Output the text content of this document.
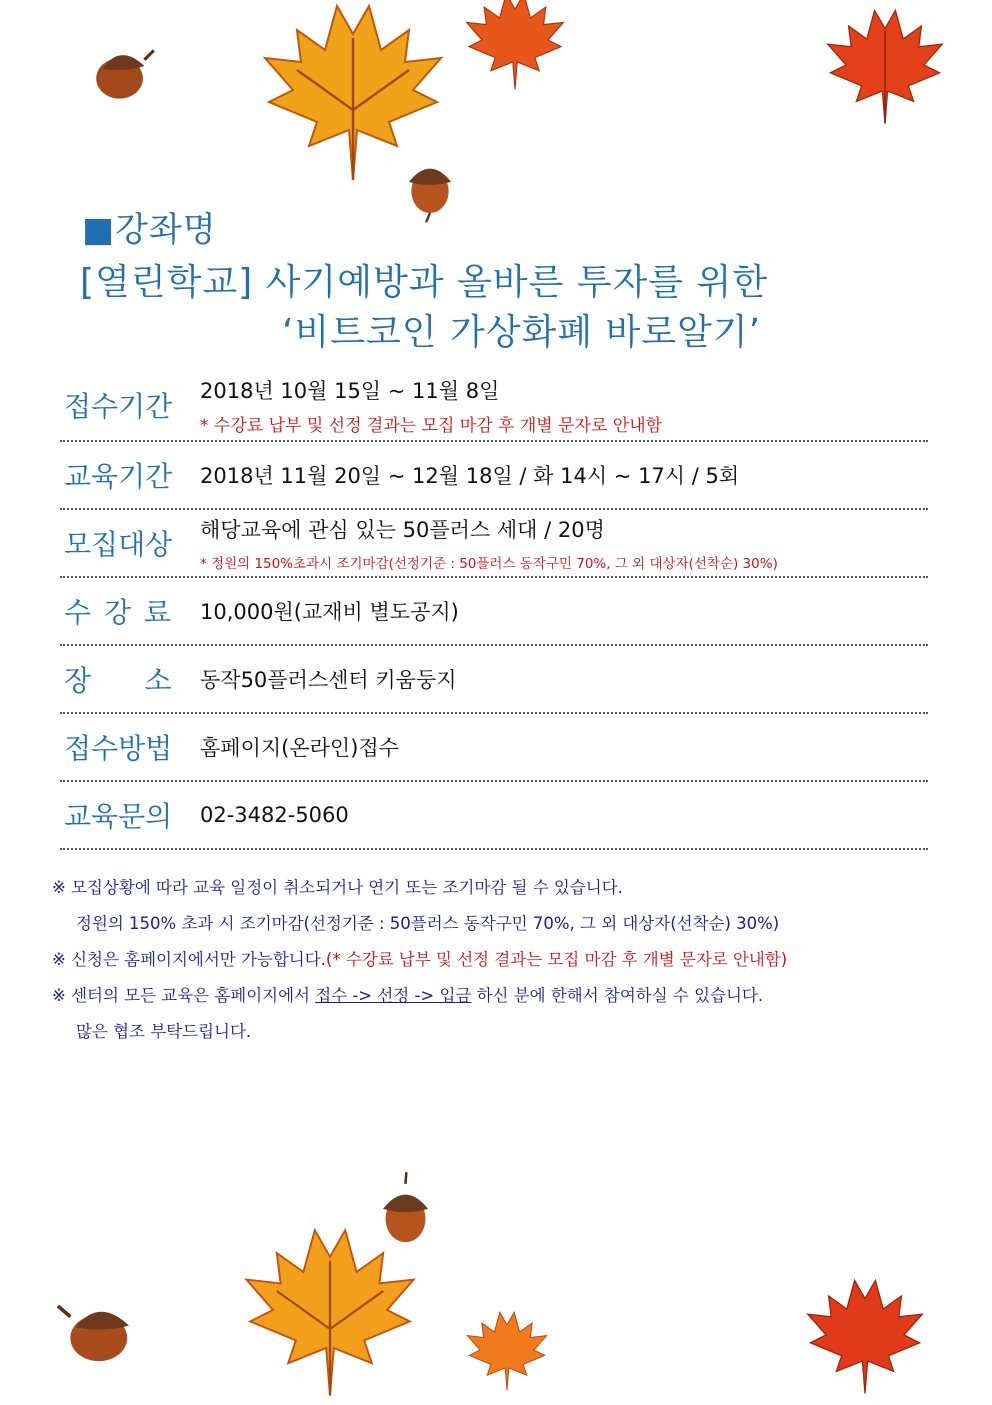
■강좌명
[열린학교] 사기예방과 올바른 투자를 위한
‘비트코인 가상화폐 바로알기’
접수기간	2018년 10월 15일 ~ 11월 8일
* 수강료 납부 및 선정 결과는 모집 마감 후 개별 문자로 안내함
교육기간	2018년 11월 20일 ~ 12월 18일 / 화 14시 ~ 17시 / 5회
모집대상	해당교육에 관심 있는 50플러스 세대 / 20명
* 정원의 150%초과시 조기마감(선정기준 : 50플러스 동작구민 70%, 그 외 대상자(선착순) 30%)
수 강 료	10,000원(교재비 별도공지)
장      소	동작50플러스센터 키움둥지
접수방법	홈페이지(온라인)접수
교육문의	02-3482-5060
※ 모집상황에 따라 교육 일정이 취소되거나 연기 또는 조기마감 될 수 있습니다.
정원의 150% 초과 시 조기마감(선정기준 : 50플러스 동작구민 70%, 그 외 대상자(선착순) 30%)
※ 신청은 홈페이지에서만 가능합니다.(* 수강료 납부 및 선정 결과는 모집 마감 후 개별 문자로 안내함)
※ 센터의 모든 교육은 홈페이지에서 접수 -> 선정 -> 입금 하신 분에 한해서 참여하실 수 있습니다.
많은 협조 부탁드립니다.
